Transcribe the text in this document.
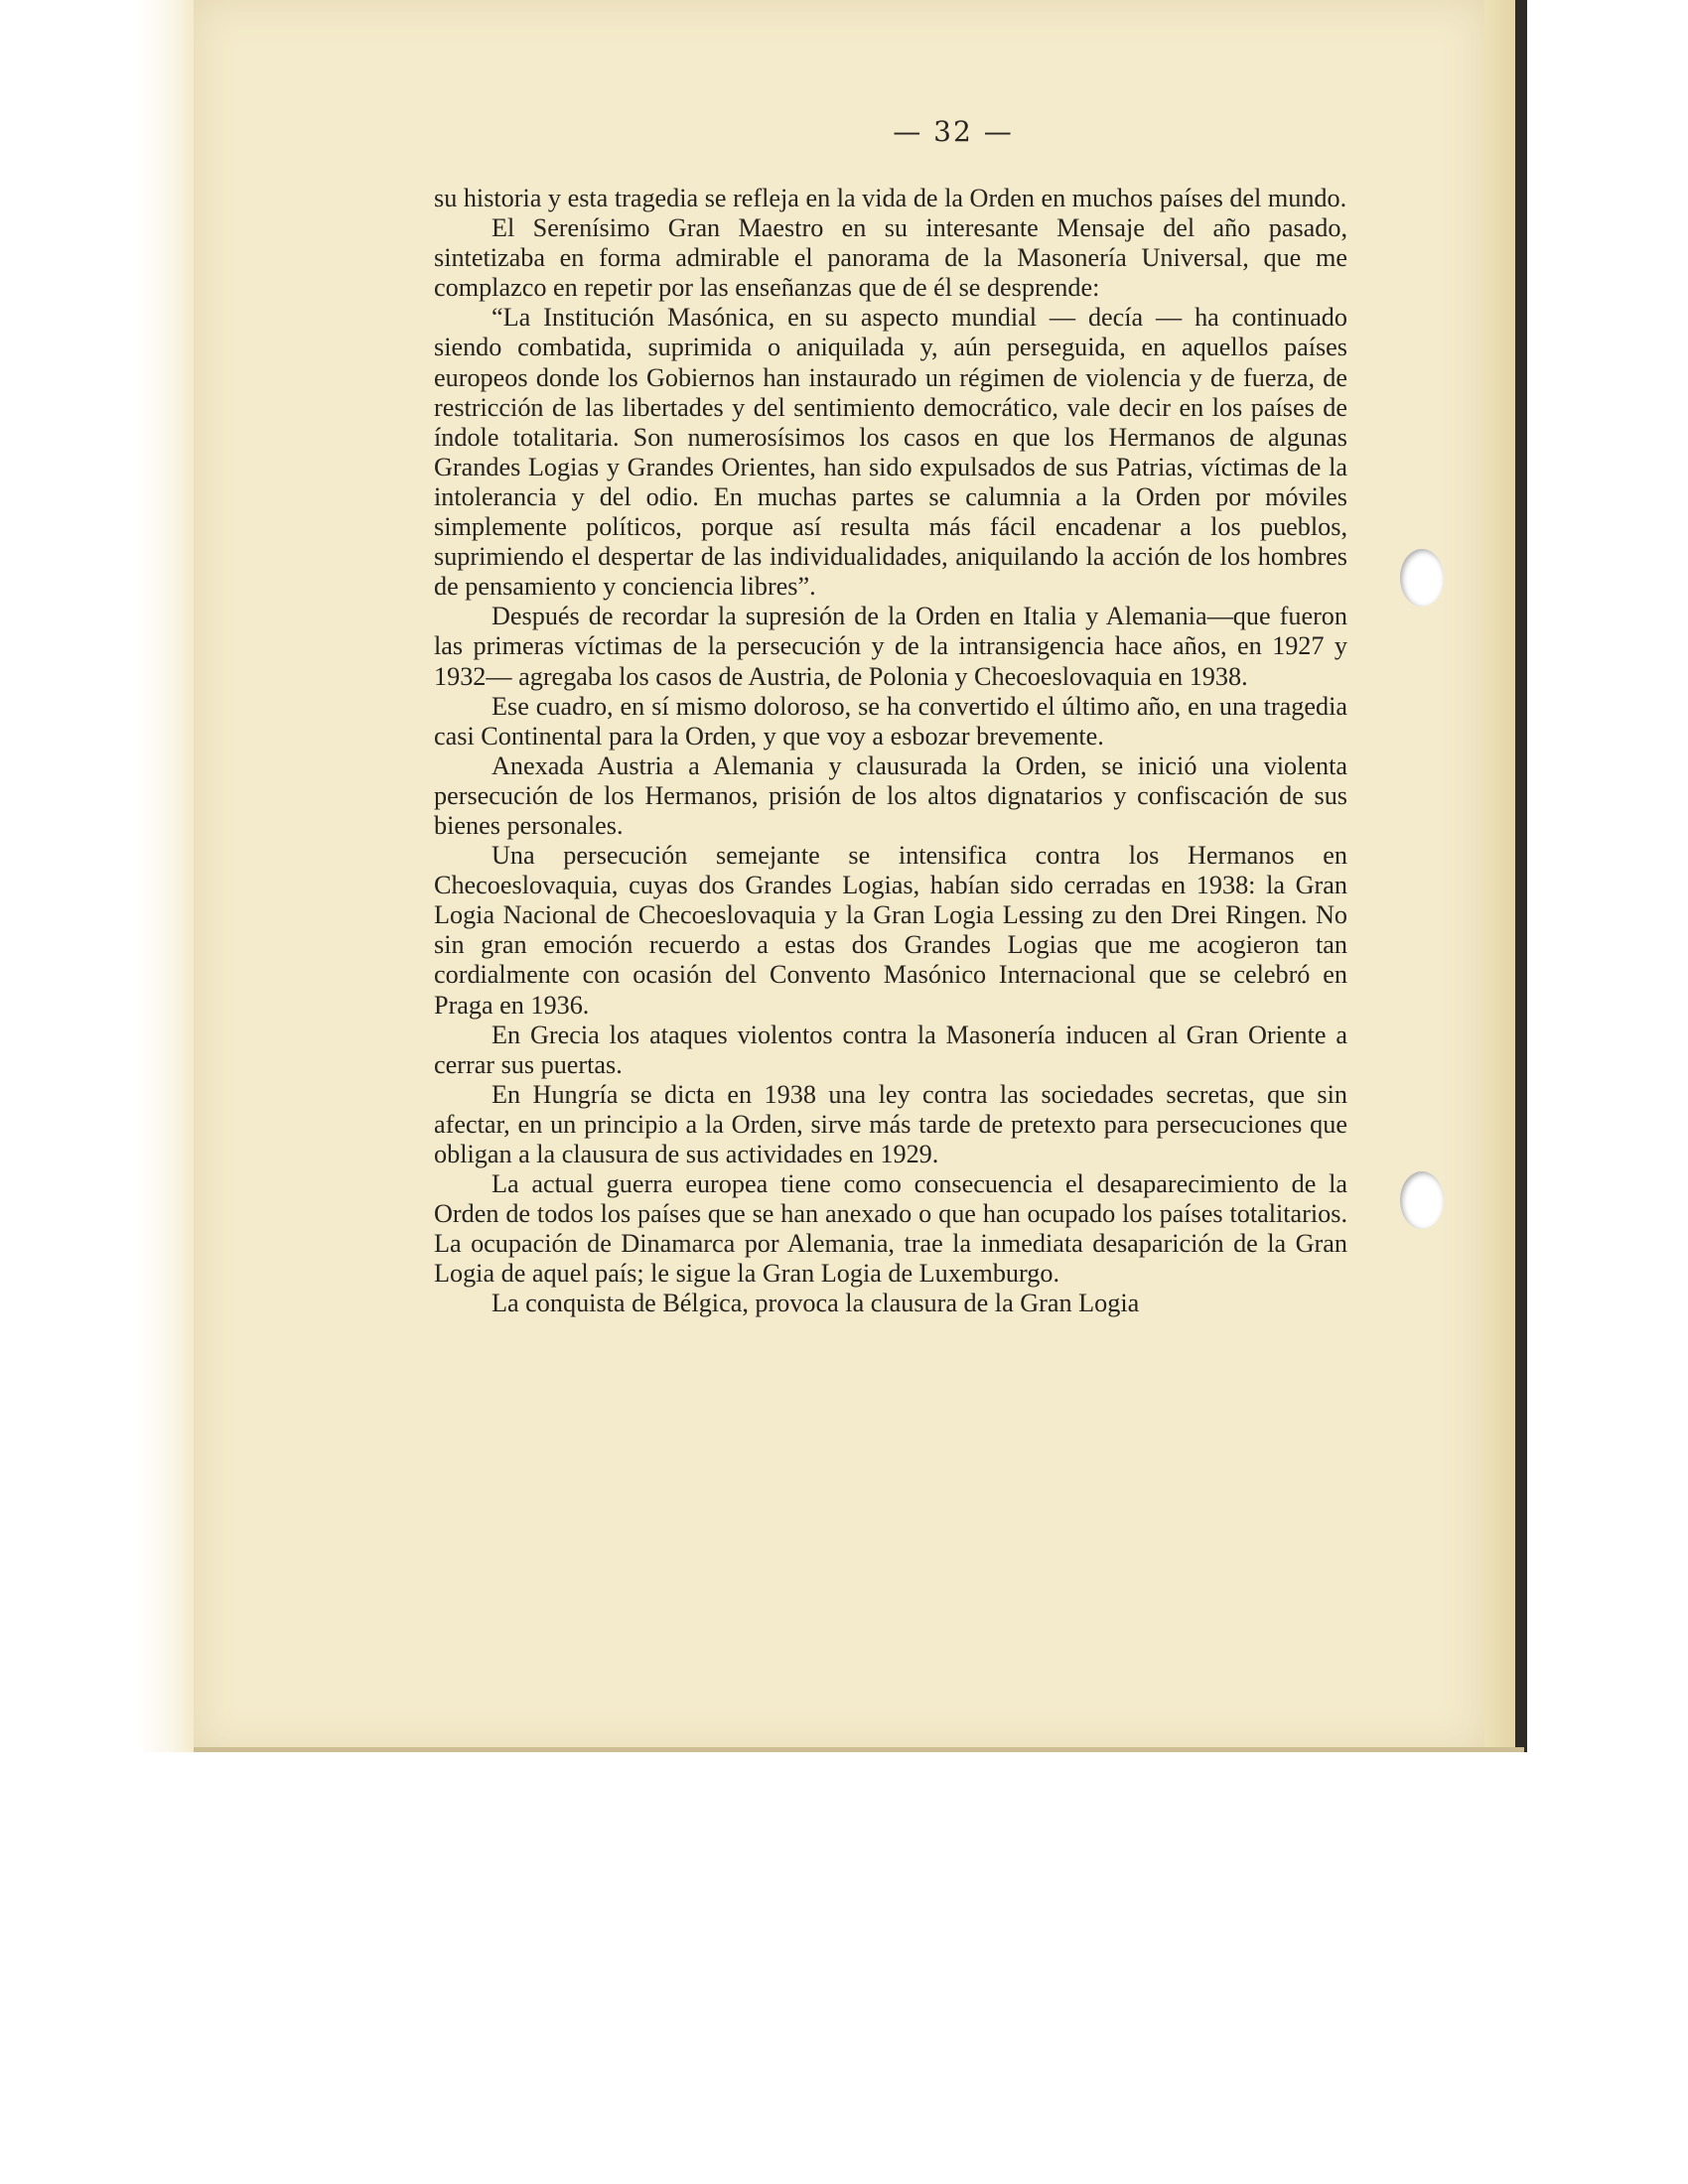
— 32 —

su historia y esta tragedia se refleja en la vida de la Orden en muchos países del mundo.

El Serenísimo Gran Maestro en su interesante Mensaje del año pasado, sintetizaba en forma admirable el panorama de la Masonería Universal, que me complazco en repetir por las enseñanzas que de él se desprende:

“La Institución Masónica, en su aspecto mundial — decía — ha continuado siendo combatida, suprimida o aniquilada y, aún perseguida, en aquellos países europeos donde los Gobiernos han instaurado un régimen de violencia y de fuerza, de restricción de las libertades y del sentimiento democrático, vale decir en los países de índole totalitaria. Son numerosísimos los casos en que los Hermanos de algunas Grandes Logias y Grandes Orientes, han sido expulsados de sus Patrias, víctimas de la intolerancia y del odio. En muchas partes se calumnia a la Orden por móviles simplemente políticos, porque así resulta más fácil encadenar a los pueblos, suprimiendo el despertar de las individualidades, aniquilando la acción de los hombres de pensamiento y conciencia libres”.

Después de recordar la supresión de la Orden en Italia y Alemania—que fueron las primeras víctimas de la persecución y de la intransigencia hace años, en 1927 y 1932— agregaba los casos de Austria, de Polonia y Checoeslovaquia en 1938.

Ese cuadro, en sí mismo doloroso, se ha convertido el último año, en una tragedia casi Continental para la Orden, y que voy a esbozar brevemente.

Anexada Austria a Alemania y clausurada la Orden, se inició una violenta persecución de los Hermanos, prisión de los altos dignatarios y confiscación de sus bienes personales.

Una persecución semejante se intensifica contra los Hermanos en Checoeslovaquia, cuyas dos Grandes Logias, habían sido cerradas en 1938: la Gran Logia Nacional de Checoeslovaquia y la Gran Logia Lessing zu den Drei Ringen. No sin gran emoción recuerdo a estas dos Grandes Logias que me acogieron tan cordialmente con ocasión del Convento Masónico Internacional que se celebró en Praga en 1936.

En Grecia los ataques violentos contra la Masonería inducen al Gran Oriente a cerrar sus puertas.

En Hungría se dicta en 1938 una ley contra las sociedades secretas, que sin afectar, en un principio a la Orden, sirve más tarde de pretexto para persecuciones que obligan a la clausura de sus actividades en 1929.

La actual guerra europea tiene como consecuencia el desaparecimiento de la Orden de todos los países que se han anexado o que han ocupado los países totalitarios. La ocupación de Dinamarca por Alemania, trae la inmediata desaparición de la Gran Logia de aquel país; le sigue la Gran Logia de Luxemburgo.

La conquista de Bélgica, provoca la clausura de la Gran Logia
